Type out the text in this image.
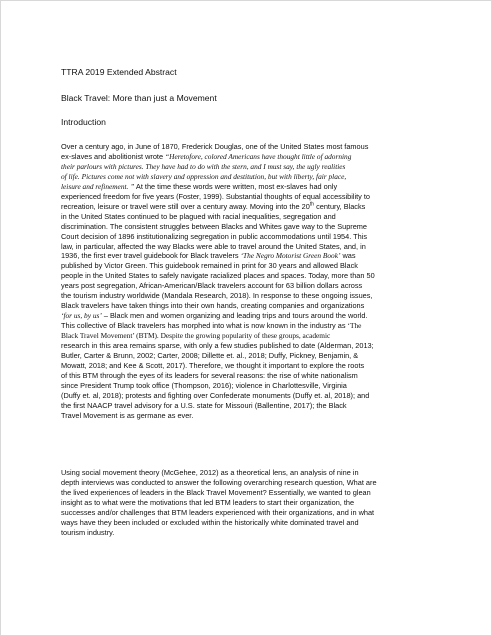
TTRA 2019 Extended Abstract
Black Travel: More than just a Movement
Introduction
Over a century ago, in June of 1870, Frederick Douglas, one of the United States most famous
ex-slaves and abolitionist wrote “Heretofore, colored Americans have thought little of adorning
their parlours with pictures. They have had to do with the stern, and I must say, the ugly realities
of life. Pictures come not with slavery and oppression and destitution, but with liberty, fair place,
leisure and refinement. ” At the time these words were written, most ex-slaves had only
experienced freedom for five years (Foster, 1999). Substantial thoughts of equal accessibility to
recreation, leisure or travel were still over a century away. Moving into the 20th century, Blacks
in the United States continued to be plagued with racial inequalities, segregation and
discrimination. The consistent struggles between Blacks and Whites gave way to the Supreme
Court decision of 1896 institutionalizing segregation in public accommodations until 1954. This
law, in particular, affected the way Blacks were able to travel around the United States, and, in
1936, the first ever travel guidebook for Black travelers ‘The Negro Motorist Green Book’ was
published by Victor Green. This guidebook remained in print for 30 years and allowed Black
people in the United States to safely navigate racialized places and spaces. Today, more than 50
years post segregation, African-American/Black travelers account for 63 billion dollars across
the tourism industry worldwide (Mandala Research, 2018). In response to these ongoing issues,
Black travelers have taken things into their own hands, creating companies and organizations
‘for us, by us’ – Black men and women organizing and leading trips and tours around the world.
This collective of Black travelers has morphed into what is now known in the industry as ‘The
Black Travel Movement’ (BTM). Despite the growing popularity of these groups, academic
research in this area remains sparse, with only a few studies published to date (Alderman, 2013;
Butler, Carter & Brunn, 2002; Carter, 2008; Dillette et. al., 2018; Duffy, Pickney, Benjamin, &
Mowatt, 2018; and Kee & Scott, 2017). Therefore, we thought it important to explore the roots
of this BTM through the eyes of its leaders for several reasons: the rise of white nationalism
since President Trump took office (Thompson, 2016); violence in Charlottesville, Virginia
(Duffy et. al, 2018); protests and fighting over Confederate monuments (Duffy et. al, 2018); and
the first NAACP travel advisory for a U.S. state for Missouri (Ballentine, 2017); the Black
Travel Movement is as germane as ever.
Using social movement theory (McGehee, 2012) as a theoretical lens, an analysis of nine in
depth interviews was conducted to answer the following overarching research question, What are
the lived experiences of leaders in the Black Travel Movement? Essentially, we wanted to glean
insight as to what were the motivations that led BTM leaders to start their organization, the
successes and/or challenges that BTM leaders experienced with their organizations, and in what
ways have they been included or excluded within the historically white dominated travel and
tourism industry.
